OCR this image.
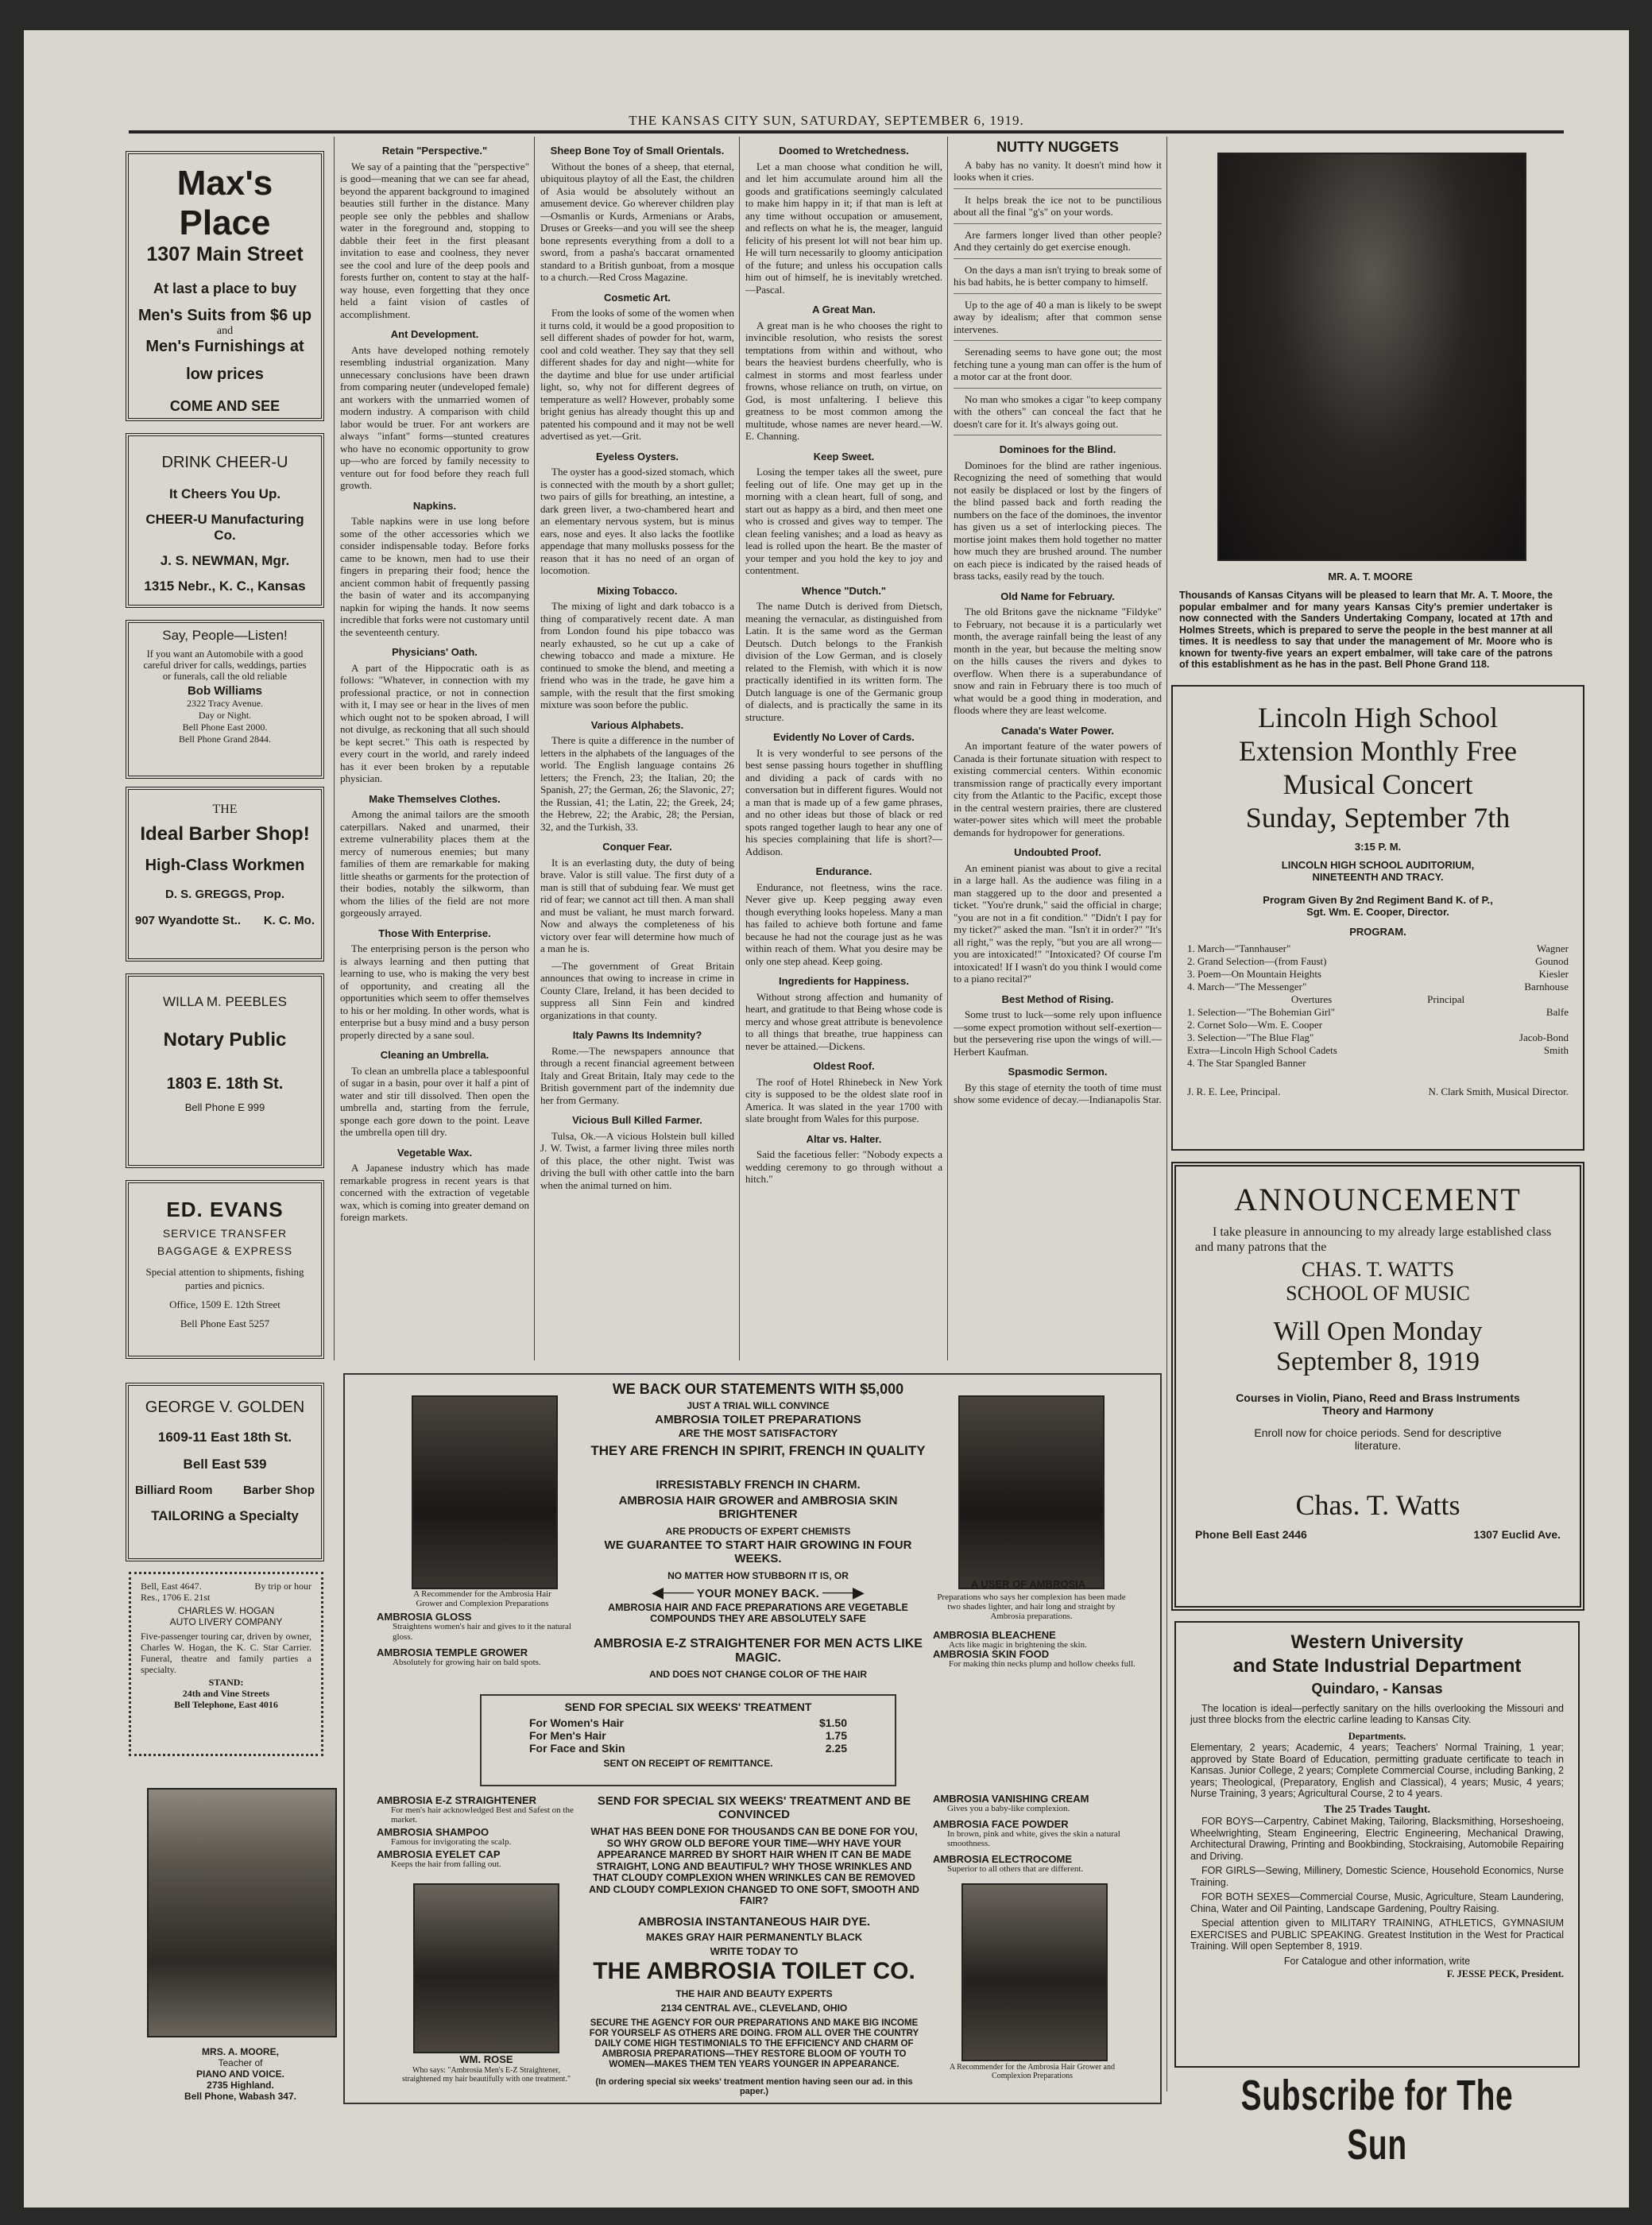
THE KANSAS CITY SUN, SATURDAY, SEPTEMBER 6, 1919.
Max's Place
1307 Main Street
At last a place to buy
Men's Suits from $6 up
and
Men's Furnishings at
low prices
COME AND SEE
DRINK CHEER-U
It Cheers You Up.
CHEER-U Manufacturing Co.
J. S. NEWMAN, Mgr.
1315 Nebr., K. C., Kansas
Say, People—Listen!
If you want an Automobile with a good careful driver for calls, weddings, parties or funerals, call the old reliable
Bob Williams
2322 Tracy Avenue.
Day or Night.
Bell Phone East 2000.
Bell Phone Grand 2844.
THE
Ideal Barber Shop!
High-Class Workmen
D. S. GREGGS, Prop.
907 Wyandotte St.. K. C. Mo.
WILLA M. PEEBLES
Notary Public
1803 E. 18th St.
Bell Phone E 999
ED. EVANS
SERVICE TRANSFER
BAGGAGE & EXPRESS
Special attention to shipments, fishing parties and picnics.
Office, 1509 E. 12th Street
Bell Phone East 5257
GEORGE V. GOLDEN
1609-11 East 18th St.
Bell East 539
Billiard Room	Barber Shop
TAILORING a Specialty
Bell, East 4647.	By trip or hour
Res., 1706 E. 21st
CHARLES W. HOGAN
AUTO LIVERY COMPANY
Five-passenger touring car, driven by owner, Charles W. Hogan, the K. C. Star Carrier. Funeral, theatre and family parties a specialty.
STAND:
24th and Vine Streets
Bell Telephone, East 4016
MRS. A. MOORE,
Teacher of
PIANO AND VOICE.
2735 Highland.
Bell Phone, Wabash 347.
Retain "Perspective."

We say of a painting that the "perspective" is good—meaning that we can see far ahead, beyond the apparent background to imagined beauties still further in the distance. Many people see only the pebbles and shallow water in the foreground and, stopping to dabble their feet in the first pleasant invitation to ease and coolness, they never see the cool and lure of the deep pools and forests further on, content to stay at the half-way house, even forgetting that they once held a faint vision of castles of accomplishment.

Ant Development.

Ants have developed nothing remotely resembling industrial organization. Many unnecessary conclusions have been drawn from comparing neuter (undeveloped female) ant workers with the unmarried women of modern industry. A comparison with child labor would be truer. For ant workers are always "infant" forms—stunted creatures who have no economic opportunity to grow up—who are forced by family necessity to venture out for food before they reach full growth.

Napkins.

Table napkins were in use long before some of the other accessories which we consider indispensable today. Before forks came to be known, men had to use their fingers in preparing their food; hence the ancient common habit of frequently passing the basin of water and its accompanying napkin for wiping the hands. It now seems incredible that forks were not customary until the seventeenth century.

Physicians' Oath.

A part of the Hippocratic oath is as follows: "Whatever, in connection with my professional practice, or not in connection with it, I may see or hear in the lives of men which ought not to be spoken abroad, I will not divulge, as reckoning that all such should be kept secret." This oath is respected by every court in the world, and rarely indeed has it ever been broken by a reputable physician.

Make Themselves Clothes.

Among the animal tailors are the smooth caterpillars. Naked and unarmed, their extreme vulnerability places them at the mercy of numerous enemies; but many families of them are remarkable for making little sheaths or garments for the protection of their bodies, notably the silkworm, than whom the lilies of the field are not more gorgeously arrayed.

Those With Enterprise.

The enterprising person is the person who is always learning and then putting that learning to use, who is making the very best of opportunity, and creating all the opportunities which seem to offer themselves to his or her molding. In other words, what is enterprise but a busy mind and a busy person properly directed by a sane soul.

Cleaning an Umbrella.

To clean an umbrella place a tablespoonful of sugar in a basin, pour over it half a pint of water and stir till dissolved. Then open the umbrella and, starting from the ferrule, sponge each gore down to the point. Leave the umbrella open till dry.

Vegetable Wax.

A Japanese industry which has made remarkable progress in recent years is that concerned with the extraction of vegetable wax, which is coming into greater demand on foreign markets.

Sheep Bone Toy of Small Orientals.

Without the bones of a sheep, that eternal, ubiquitous playtoy of all the East, the children of Asia would be absolutely without an amusement device. Go wherever children play—Osmanlis or Kurds, Armenians or Arabs, Druses or Greeks—and you will see the sheep bone represents everything from a doll to a sword, from a pasha's baccarat ornamented standard to a British gunboat, from a mosque to a church.—Red Cross Magazine.

Cosmetic Art.

From the looks of some of the women when it turns cold, it would be a good proposition to sell different shades of powder for hot, warm, cool and cold weather. They say that they sell different shades for day and night—white for the daytime and blue for use under artificial light, so, why not for different degrees of temperature as well? However, probably some bright genius has already thought this up and patented his compound and it may not be well advertised as yet.—Grit.

Eyeless Oysters.

The oyster has a good-sized stomach, which is connected with the mouth by a short gullet; two pairs of gills for breathing, an intestine, a dark green liver, a two-chambered heart and an elementary nervous system, but is minus ears, nose and eyes. It also lacks the footlike appendage that many mollusks possess for the reason that it has no need of an organ of locomotion.

Mixing Tobacco.

The mixing of light and dark tobacco is a thing of comparatively recent date. A man from London found his pipe tobacco was nearly exhausted, so he cut up a cake of chewing tobacco and made a mixture. He continued to smoke the blend, and meeting a friend who was in the trade, he gave him a sample, with the result that the first smoking mixture was soon before the public.

Various Alphabets.

There is quite a difference in the number of letters in the alphabets of the languages of the world. The English language contains 26 letters; the French, 23; the Italian, 20; the Spanish, 27; the German, 26; the Slavonic, 27; the Russian, 41; the Latin, 22; the Greek, 24; the Hebrew, 22; the Arabic, 28; the Persian, 32, and the Turkish, 33.

Conquer Fear.

It is an everlasting duty, the duty of being brave. Valor is still value. The first duty of a man is still that of subduing fear. We must get rid of fear; we cannot act till then. A man shall and must be valiant, he must march forward. Now and always the completeness of his victory over fear will determine how much of a man he is.

—The government of Great Britain announces that owing to increase in crime in County Clare, Ireland, it has been decided to suppress all Sinn Fein and kindred organizations in that county.

Italy Pawns Its Indemnity?

Rome.—The newspapers announce that through a recent financial agreement between Italy and Great Britain, Italy may cede to the British government part of the indemnity due her from Germany.

Vicious Bull Killed Farmer.

Tulsa, Ok.—A vicious Holstein bull killed J. W. Twist, a farmer living three miles north of this place, the other night. Twist was driving the bull with other cattle into the barn when the animal turned on him.

Doomed to Wretchedness.

Let a man choose what condition he will, and let him accumulate around him all the goods and gratifications seemingly calculated to make him happy in it; if that man is left at any time without occupation or amusement, and reflects on what he is, the meager, languid felicity of his present lot will not bear him up. He will turn necessarily to gloomy anticipation of the future; and unless his occupation calls him out of himself, he is inevitably wretched.—Pascal.

A Great Man.

A great man is he who chooses the right to invincible resolution, who resists the sorest temptations from within and without, who bears the heaviest burdens cheerfully, who is calmest in storms and most fearless under frowns, whose reliance on truth, on virtue, on God, is most unfaltering. I believe this greatness to be most common among the multitude, whose names are never heard.—W. E. Channing.

Keep Sweet.

Losing the temper takes all the sweet, pure feeling out of life. One may get up in the morning with a clean heart, full of song, and start out as happy as a bird, and then meet one who is crossed and gives way to temper. The clean feeling vanishes; and a load as heavy as lead is rolled upon the heart. Be the master of your temper and you hold the key to joy and contentment.

Whence "Dutch."

The name Dutch is derived from Dietsch, meaning the vernacular, as distinguished from Latin. It is the same word as the German Deutsch. Dutch belongs to the Frankish division of the Low German, and is closely related to the Flemish, with which it is now practically identified in its written form. The Dutch language is one of the Germanic group of dialects, and is practically the same in its structure.

Evidently No Lover of Cards.

It is very wonderful to see persons of the best sense passing hours together in shuffling and dividing a pack of cards with no conversation but in different figures. Would not a man that is made up of a few game phrases, and no other ideas but those of black or red spots ranged together laugh to hear any one of his species complaining that life is short?—Addison.

Endurance.

Endurance, not fleetness, wins the race. Never give up. Keep pegging away even though everything looks hopeless. Many a man has failed to achieve both fortune and fame because he had not the courage just as he was within reach of them. What you desire may be only one step ahead. Keep going.

Ingredients for Happiness.

Without strong affection and humanity of heart, and gratitude to that Being whose code is mercy and whose great attribute is benevolence to all things that breathe, true happiness can never be attained.—Dickens.

Oldest Roof.

The roof of Hotel Rhinebeck in New York city is supposed to be the oldest slate roof in America. It was slated in the year 1700 with slate brought from Wales for this purpose.

Altar vs. Halter.

Said the facetious feller: "Nobody expects a wedding ceremony to go through without a hitch."

NUTTY NUGGETS

A baby has no vanity. It doesn't mind how it looks when it cries.

It helps break the ice not to be punctilious about all the final "g's" on your words.

Are farmers longer lived than other people? And they certainly do get exercise enough.

On the days a man isn't trying to break some of his bad habits, he is better company to himself.

Up to the age of 40 a man is likely to be swept away by idealism; after that common sense intervenes.

Serenading seems to have gone out; the most fetching tune a young man can offer is the hum of a motor car at the front door.

No man who smokes a cigar "to keep company with the others" can conceal the fact that he doesn't care for it. It's always going out.

Dominoes for the Blind.

Dominoes for the blind are rather ingenious. Recognizing the need of something that would not easily be displaced or lost by the fingers of the blind passed back and forth reading the numbers on the face of the dominoes, the inventor has given us a set of interlocking pieces. The mortise joint makes them hold together no matter how much they are brushed around. The number on each piece is indicated by the raised heads of brass tacks, easily read by the touch.

Old Name for February.

The old Britons gave the nickname "Fildyke" to February, not because it is a particularly wet month, the average rainfall being the least of any month in the year, but because the melting snow on the hills causes the rivers and dykes to overflow. When there is a superabundance of snow and rain in February there is too much of what would be a good thing in moderation, and floods where they are least welcome.

Canada's Water Power.

An important feature of the water powers of Canada is their fortunate situation with respect to existing commercial centers. Within economic transmission range of practically every important city from the Atlantic to the Pacific, except those in the central western prairies, there are clustered water-power sites which will meet the probable demands for hydropower for generations.

Undoubted Proof.

An eminent pianist was about to give a recital in a large hall. As the audience was filing in a man staggered up to the door and presented a ticket. "You're drunk," said the official in charge; "you are not in a fit condition." "Didn't I pay for my ticket?" asked the man. "Isn't it in order?" "It's all right," was the reply, "but you are all wrong—you are intoxicated!" "Intoxicated? Of course I'm intoxicated! If I wasn't do you think I would come to a piano recital?"

Best Method of Rising.

Some trust to luck—some rely upon influence—some expect promotion without self-exertion—but the persevering rise upon the wings of will.—Herbert Kaufman.

Spasmodic Sermon.

By this stage of eternity the tooth of time must show some evidence of decay.—Indianapolis Star.

MR. A. T. MOORE
Thousands of Kansas Cityans will be pleased to learn that Mr. A. T. Moore, the popular embalmer and for many years Kansas City's premier undertaker is now connected with the Sanders Undertaking Company, located at 17th and Holmes Streets, which is prepared to serve the people in the best manner at all times. It is needless to say that under the management of Mr. Moore who is known for twenty-five years an expert embalmer, will take care of the patrons of this establishment as he has in the past. Bell Phone Grand 118.
Lincoln High School
Extension Monthly Free
Musical Concert
Sunday, September 7th
3:15 P. M.
LINCOLN HIGH SCHOOL AUDITORIUM,
NINETEENTH AND TRACY.
Program Given By 2nd Regiment Band K. of P.,
Sgt. Wm. E. Cooper, Director.
PROGRAM.
1. March—"Tannhauser"	Wagner
2. Grand Selection—(from Faust)	Gounod
3. Poem—On Mountain Heights	Kiesler
4. March—"The Messenger"	Barnhouse
Overtures	Principal
1. Selection—"The Bohemian Girl"	Balfe
2. Cornet Solo—Wm. E. Cooper
3. Selection—"The Blue Flag"	Jacob-Bond
Extra—Lincoln High School Cadets	Smith
4. The Star Spangled Banner
J. R. E. Lee, Principal.	N. Clark Smith, Musical Director.
ANNOUNCEMENT
I take pleasure in announcing to my already large established class and many patrons that the
CHAS. T. WATTS
SCHOOL OF MUSIC
Will Open Monday
September 8, 1919
Courses in Violin, Piano, Reed and Brass Instruments
Theory and Harmony
Enroll now for choice periods. Send for descriptive literature.
Chas. T. Watts
Phone Bell East 2446	1307 Euclid Ave.
Western University
and State Industrial Department
Quindaro, - Kansas
The location is ideal—perfectly sanitary on the hills overlooking the Missouri and just three blocks from the electric carline leading to Kansas City.
Departments.
Elementary, 2 years; Academic, 4 years; Teachers' Normal Training, 1 year; approved by State Board of Education, permitting graduate certificate to teach in Kansas. Junior College, 2 years; Complete Commercial Course, including Banking, 2 years; Theological, (Preparatory, English and Classical), 4 years; Music, 4 years; Nurse Training, 3 years; Agricultural Course, 2 to 4 years.
The 25 Trades Taught.
FOR BOYS—Carpentry, Cabinet Making, Tailoring, Blacksmithing, Horseshoeing, Wheelwrighting, Steam Engineering, Electric Engineering, Mechanical Drawing, Architectural Drawing, Printing and Bookbinding, Stockraising, Automobile Repairing and Driving.
FOR GIRLS—Sewing, Millinery, Domestic Science, Household Economics, Nurse Training.
FOR BOTH SEXES—Commercial Course, Music, Agriculture, Steam Laundering, China, Water and Oil Painting, Landscape Gardening, Poultry Raising.
Special attention given to MILITARY TRAINING, ATHLETICS, GYMNASIUM EXERCISES and PUBLIC SPEAKING. Greatest Institution in the West for Practical Training. Will open September 8, 1919.
For Catalogue and other information, write
F. JESSE PECK, President.
Subscribe for The Sun
A Recommender for the Ambrosia Hair Grower and Complexion Preparations
AMBROSIA GLOSS
Straightens women's hair and gives to it the natural gloss.
AMBROSIA TEMPLE GROWER
Absolutely for growing hair on bald spots.
A USER OF AMBROSIA
Preparations who says her complexion has been made two shades lighter, and hair long and straight by Ambrosia preparations.
AMBROSIA BLEACHENE
Acts like magic in brightening the skin.
AMBROSIA SKIN FOOD
For making thin necks plump and hollow cheeks full.
WE BACK OUR STATEMENTS WITH $5,000
JUST A TRIAL WILL CONVINCE
AMBROSIA TOILET PREPARATIONS
ARE THE MOST SATISFACTORY
THEY ARE FRENCH IN SPIRIT, FRENCH IN QUALITY
IRRESISTABLY FRENCH IN CHARM.
AMBROSIA HAIR GROWER and AMBROSIA SKIN BRIGHTENER
ARE PRODUCTS OF EXPERT CHEMISTS
WE GUARANTEE TO START HAIR GROWING IN FOUR WEEKS.
NO MATTER HOW STUBBORN IT IS, OR
◀─── YOUR MONEY BACK. ───▶
AMBROSIA HAIR AND FACE PREPARATIONS ARE VEGETABLE COMPOUNDS THEY ARE ABSOLUTELY SAFE
AMBROSIA E-Z STRAIGHTENER FOR MEN ACTS LIKE MAGIC.
AND DOES NOT CHANGE COLOR OF THE HAIR
SEND FOR SPECIAL SIX WEEKS' TREATMENT
For Women's Hair	$1.50
For Men's Hair	1.75
For Face and Skin	2.25
SENT ON RECEIPT OF REMITTANCE.
AMBROSIA E-Z STRAIGHTENER
For men's hair acknowledged Best and Safest on the market.
AMBROSIA SHAMPOO
Famous for invigorating the scalp.
AMBROSIA EYELET CAP
Keeps the hair from falling out.
WM. ROSE
Who says: "Ambrosia Men's E-Z Straightener, straightened my hair beautifully with one treatment."
SEND FOR SPECIAL SIX WEEKS' TREATMENT AND BE CONVINCED
WHAT HAS BEEN DONE FOR THOUSANDS CAN BE DONE FOR YOU, SO WHY GROW OLD BEFORE YOUR TIME—WHY HAVE YOUR APPEARANCE MARRED BY SHORT HAIR WHEN IT CAN BE MADE STRAIGHT, LONG AND BEAUTIFUL? WHY THOSE WRINKLES AND THAT CLOUDY COMPLEXION WHEN WRINKLES CAN BE REMOVED AND CLOUDY COMPLEXION CHANGED TO ONE SOFT, SMOOTH AND FAIR?
AMBROSIA INSTANTANEOUS HAIR DYE.
MAKES GRAY HAIR PERMANENTLY BLACK
WRITE TODAY TO
THE AMBROSIA TOILET CO.
THE HAIR AND BEAUTY EXPERTS
2134 CENTRAL AVE., CLEVELAND, OHIO
SECURE THE AGENCY FOR OUR PREPARATIONS AND MAKE BIG INCOME FOR YOURSELF AS OTHERS ARE DOING. FROM ALL OVER THE COUNTRY DAILY COME HIGH TESTIMONIALS TO THE EFFICIENCY AND CHARM OF AMBROSIA PREPARATIONS—THEY RESTORE BLOOM OF YOUTH TO WOMEN—MAKES THEM TEN YEARS YOUNGER IN APPEARANCE.
(In ordering special six weeks' treatment mention having seen our ad. in this paper.)
AMBROSIA VANISHING CREAM
Gives you a baby-like complexion.
AMBROSIA FACE POWDER
In brown, pink and white, gives the skin a natural smoothness.
AMBROSIA ELECTROCOME
Superior to all others that are different.
A Recommender for the Ambrosia Hair Grower and Complexion Preparations
